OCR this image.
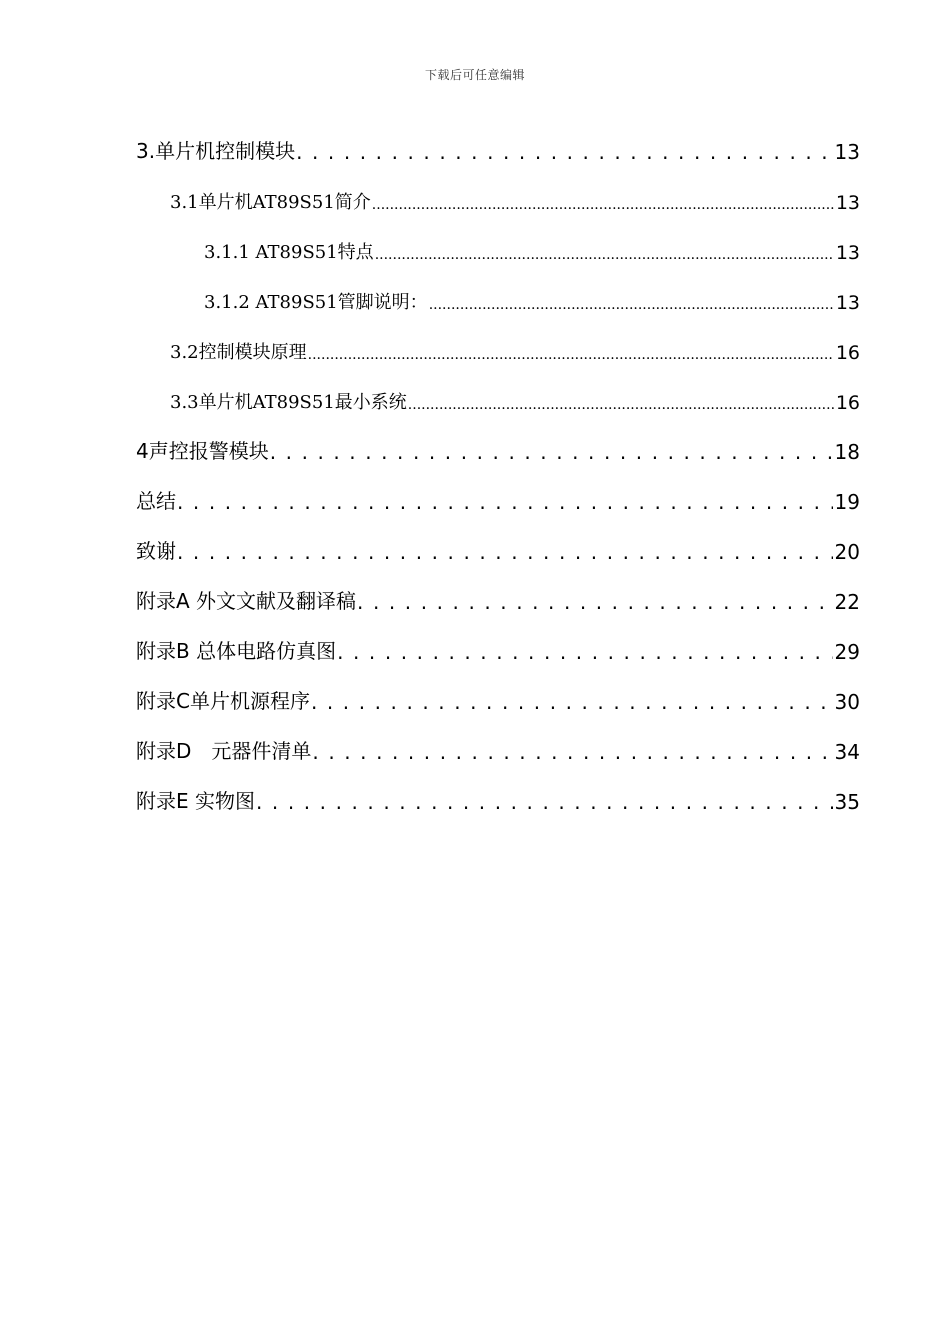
下载后可任意编辑
3.单片机控制模块 . . .	13
3.1单片机AT89S51简介 .....	13
3.1.1 AT89S51特点 .....	13
3.1.2 AT89S51管脚说明： .....	13
3.2控制模块原理 .....	16
3.3单片机AT89S51最小系统 .....	16
4声控报警模块 . . .	18
总结 . . .	19
致谢 . . .	20
附录A 外文文献及翻译稿 . . .	22
附录B 总体电路仿真图 . . .	29
附录C单片机源程序 . . .	30
附录D　元器件清单 . . .	34
附录E 实物图 . . .	35
